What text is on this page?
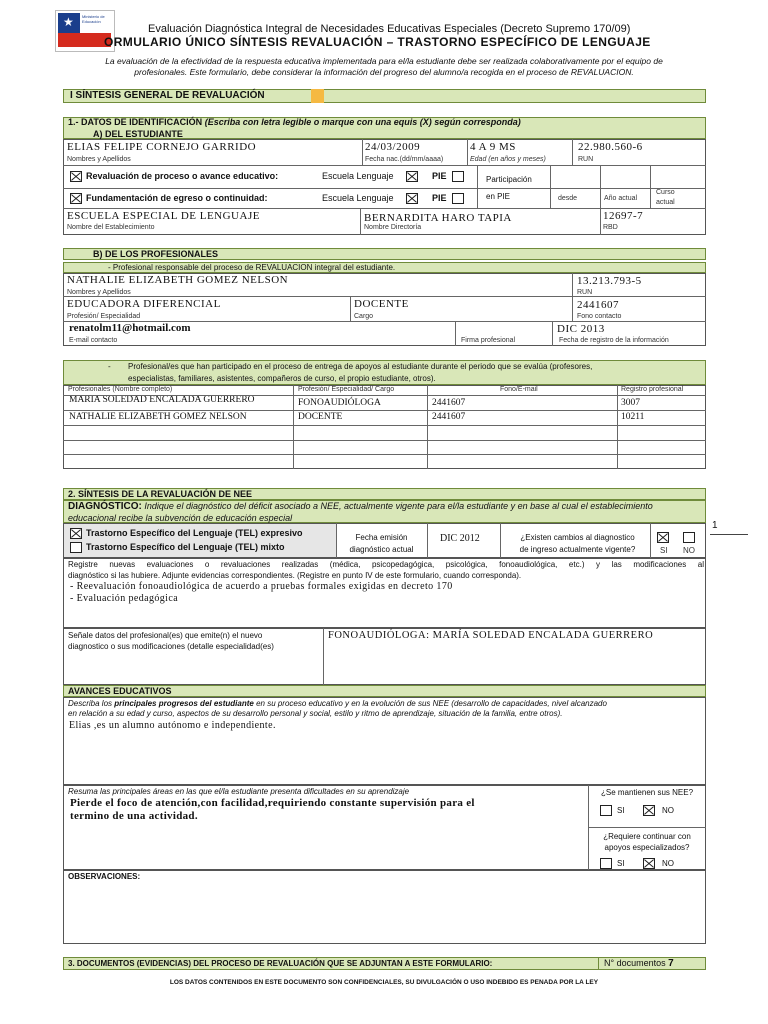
★ Ministerio de Educación
Evaluación Diagnóstica Integral de Necesidades Educativas Especiales (Decreto Supremo 170/09)
ORMULARIO ÚNICO SÍNTESIS REVALUACIÓN – TRASTORNO ESPECÍFICO DE LENGUAJE
La evaluación de la efectividad de la respuesta educativa implementada para el/la estudiante debe ser realizada colaborativamente por el equipo de
profesionales. Este formulario, debe considerar la información del progreso del alumno/a recogida en el proceso de REVALUACION.
I SÍNTESIS GENERAL DE REVALUACIÓN
1.- DATOS DE IDENTIFICACIÓN (Escriba con letra legible o marque con una equis (X) según corresponda)
A) DEL ESTUDIANTE
ELIAS FELIPE CORNEJO GARRIDO
Nombres y Apellidos
24/03/2009
Fecha nac.(dd/mm/aaaa)
4 A 9 MS
Edad (en años y meses)
22.980.560-6
RUN
Revaluación de proceso o avance educativo:	Escuela Lenguaje	PIE
Fundamentación de egreso o continuidad:	Escuela Lenguaje	PIE
Participación
en PIE	desde	Año actual
Curso
actual
ESCUELA ESPECIAL DE LENGUAJE
Nombre del Establecimiento
BERNARDITA HARO TAPIA
Nombre Directoría
12697-7
RBD
B) DE LOS PROFESIONALES
- Profesional responsable del proceso de REVALUACION integral del estudiante.
NATHALIE ELIZABETH GOMEZ NELSON
Nombres y Apellidos
13.213.793-5
RUN
EDUCADORA DIFERENCIAL
Profesión/ Especialidad
DOCENTE
Cargo
2441607
Fono contacto
renatolm11@hotmail.com
E-mail contacto	Firma profesional
DIC 2013
Fecha de registro de la información
- Profesional/es que han participado en el proceso de entrega de apoyos al estudiante durante el periodo que se evalúa (profesores,
especialistas, familiares, asistentes, compañeros de curso, el propio estudiante, otros).
Profesionales (Nombre completo)	Profesión/ Especialidad/ Cargo	Fono/E-mail	Registro profesional
MARIA SOLEDAD ENCALADA GUERRERO	FONOAUDIÓLOGA	2441607	3007
NATHALIE ELIZABETH GOMEZ NELSON	DOCENTE	2441607	10211
2. SÍNTESIS DE LA REVALUACIÓN DE NEE
DIAGNÓSTICO: Indique el diagnóstico del déficit asociado a NEE, actualmente vigente para el/la estudiante y en base al cual el establecimiento
educacional recibe la subvención de educación especial
Trastorno Específico del Lenguaje (TEL) expresivo
Trastorno Específico del Lenguaje (TEL) mixto
Fecha emisión
diagnóstico actual
DIC 2012	¿Existen cambios al diagnostico
de ingreso actualmente vigente?	SI NO
1
Registre nuevas evaluaciones o revaluaciones realizadas (médica, psicopedagógica, psicológica, fonoaudiológica, etc.) y las modificaciones al
diagnóstico si las hubiere. Adjunte evidencias correspondientes. (Registre en punto IV de este formulario, cuando corresponda).
- Reevaluación fonoaudiológica de acuerdo a pruebas formales exigidas en decreto 170
- Evaluación pedagógica
Señale datos del profesional(es) que emite(n) el nuevo
diagnostico o sus modificaciones (detalle especialidad(es)
FONOAUDIÓLOGA: MARÍA SOLEDAD ENCALADA GUERRERO
AVANCES EDUCATIVOS
Describa los principales progresos del estudiante en su proceso educativo y en la evolución de sus NEE (desarrollo de capacidades, nivel alcanzado
en relación a su edad y curso, aspectos de su desarrollo personal y social, estilo y ritmo de aprendizaje, situación de la familia, entre otros).
Elias ,es un alumno autónomo e independiente.
Resuma las principales áreas en las que el/la estudiante presenta dificultades en su aprendizaje
Pierde el foco de atención,con facilidad,requiriendo constante supervisión para el
termino de una actividad.
¿Se mantienen sus NEE?
SI	NO
¿Requiere continuar con
apoyos especializados?
SI	NO
OBSERVACIONES:
3. DOCUMENTOS (EVIDENCIAS) DEL PROCESO DE REVALUACIÓN QUE SE ADJUNTAN A ESTE FORMULARIO:	N° documentos 7
LOS DATOS CONTENIDOS EN ESTE DOCUMENTO SON CONFIDENCIALES, SU DIVULGACIÓN O USO INDEBIDO ES PENADA POR LA LEY
